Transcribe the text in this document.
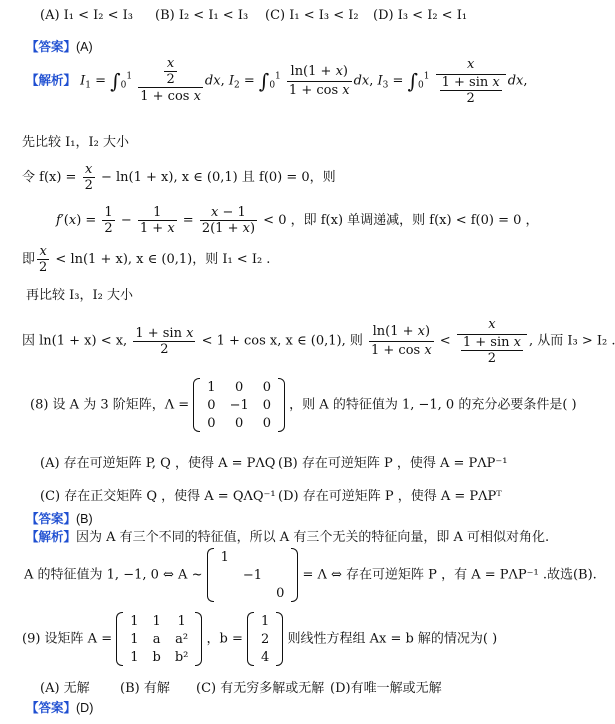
(A) I₁ < I₂ < I₃ (B) I₂ < I₁ < I₃ (C) I₁ < I₃ < I₂ (D) I₃ < I₂ < I₁
【答案】(A)
【解析】 $I_1 = \int_0^1 \frac{\frac{x}{2}}{\text{1 + cos x}}$ dx, $I_2 = \int_0^1 \frac{\ln(1 + x)}{\text{1 + cos x}}$ dx, $I_3 = \int_0^1 \frac{x}{\frac{\text{1 + sin x}}{2}}$ dx,
先比较 I₁，I₂ 大小
令 $f(x) = \frac{x}{2} - \ln(1 + x)$, x ∈ (0,1) 且 f(0) = 0，则
$f'(x) = \frac{1}{2} - \frac{1}{1 + x} = \frac{x - 1}{2(1 + x)} < 0$ ，即 f(x) 单调递减，则 f(x) < f(0) = 0 ，
即 $\frac{x}{2} < \ln(1 + x)$, x ∈ (0,1)，则 I₁ < I₂ .
再比较 I₃，I₂ 大小
因 ln(1 + x) < x, $\frac{\text{1 + sin x}}{2} < 1 + \cos x$, x ∈ (0,1), 则 $\frac{\ln(1 + x)}{\text{1 + cos x}} < \frac{x}{\frac{\text{1 + sin x}}{2}}$ , 从而 I₃ > I₂ .
(8) 设 A 为 3 阶矩阵，Λ =
1	0	0
0	−1	0
0	0	0
，则 A 的特征值为 1, −1, 0 的充分必要条件是( )
(A) 存在可逆矩阵 P, Q ，使得 A = PΛQ (B) 存在可逆矩阵 P ，使得 A = PΛP⁻¹
(C) 存在正交矩阵 Q ，使得 A = QΛQ⁻¹ (D) 存在可逆矩阵 P ，使得 A = PΛPᵀ
【答案】(B)
【解析】因为 A 有三个不同的特征值，所以 A 有三个无关的特征向量，即 A 可相似对角化.
A 的特征值为 1, −1, 0 ⇔ A ~
1		
	−1	
		0
= Λ ⇔ 存在可逆矩阵 P ，有 A = PΛP⁻¹ .故选(B).
(9) 设矩阵 A =
1	1	1
1	a	a²
1	b	b²
，b =
1
2
4
则线性方程组 Ax = b 解的情况为( )
(A) 无解 (B) 有解 (C) 有无穷多解或无解 (D)有唯一解或无解
【答案】(D)
